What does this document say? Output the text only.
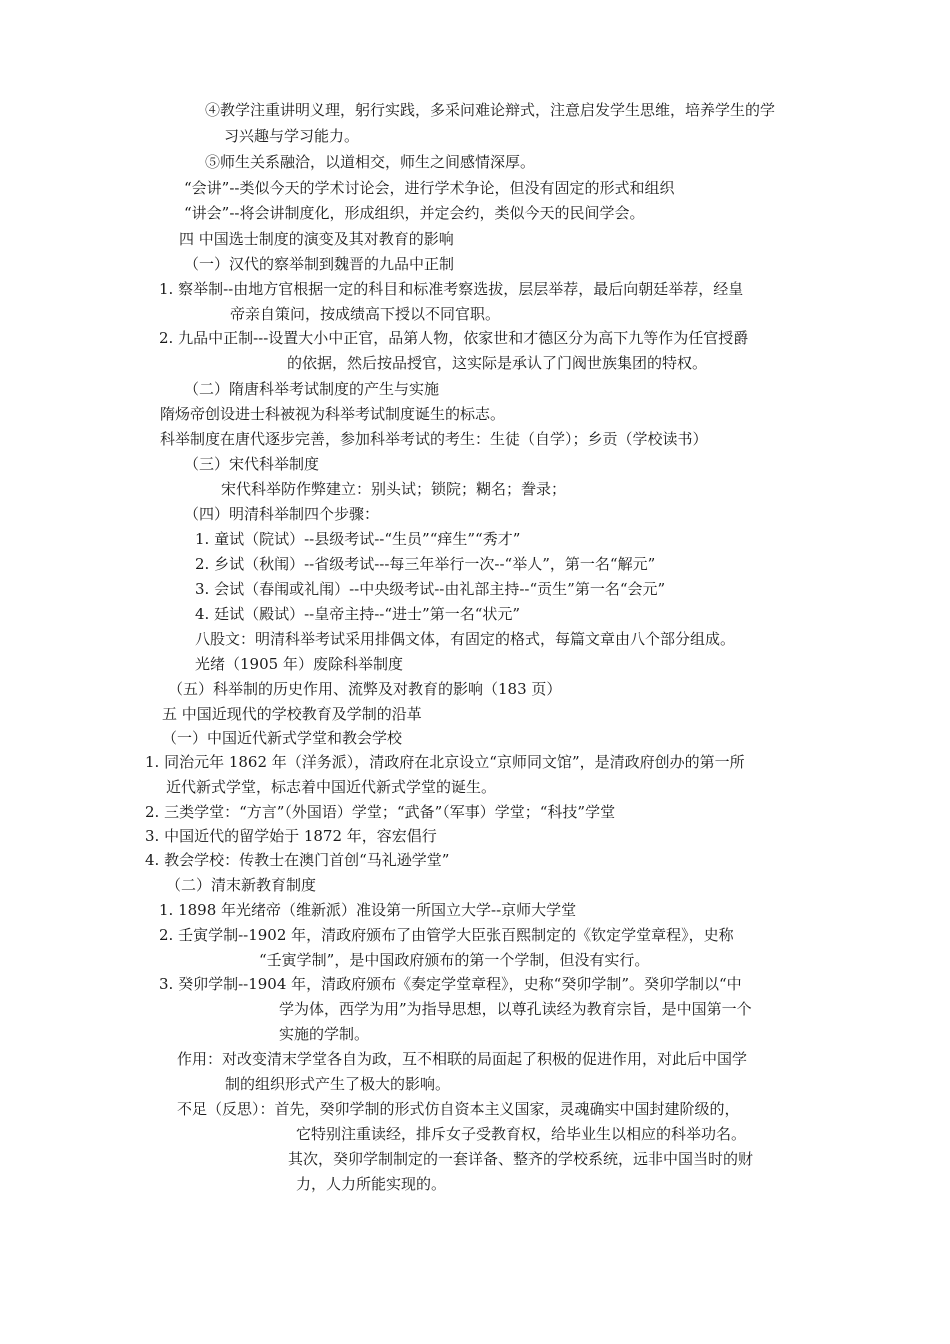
④教学注重讲明义理，躬行实践，多采问难论辩式，注意启发学生思维，培养学生的学
习兴趣与学习能力。
⑤师生关系融洽，以道相交，师生之间感情深厚。
“会讲”--类似今天的学术讨论会，进行学术争论，但没有固定的形式和组织
“讲会”--将会讲制度化，形成组织，并定会约，类似今天的民间学会。
四 中国选士制度的演变及其对教育的影响
（一）汉代的察举制到魏晋的九品中正制
1. 察举制--由地方官根据一定的科目和标准考察选拔，层层举荐，最后向朝廷举荐，经皇
帝亲自策问，按成绩高下授以不同官职。
2. 九品中正制---设置大小中正官，品第人物，依家世和才德区分为高下九等作为任官授爵
的依据，然后按品授官，这实际是承认了门阀世族集团的特权。
（二）隋唐科举考试制度的产生与实施
隋炀帝创设进士科被视为科举考试制度诞生的标志。
科举制度在唐代逐步完善，参加科举考试的考生：生徒（自学）；乡贡（学校读书）
（三）宋代科举制度
宋代科举防作弊建立：别头试；锁院；糊名；誊录；
（四）明清科举制四个步骤：
1. 童试（院试）--县级考试--“生员”“痒生”“秀才”
2. 乡试（秋闱）--省级考试---每三年举行一次--“举人”，第一名“解元”
3. 会试（春闱或礼闱）--中央级考试--由礼部主持--“贡生”第一名“会元”
4. 廷试（殿试）--皇帝主持--“进士”第一名“状元”
八股文：明清科举考试采用排偶文体，有固定的格式，每篇文章由八个部分组成。
光绪（1905 年）废除科举制度
（五）科举制的历史作用、流弊及对教育的影响（183 页）
五 中国近现代的学校教育及学制的沿革
（一）中国近代新式学堂和教会学校
1. 同治元年 1862 年（洋务派），清政府在北京设立“京师同文馆”，是清政府创办的第一所
近代新式学堂，标志着中国近代新式学堂的诞生。
2. 三类学堂：“方言”（外国语）学堂；“武备”（军事）学堂；“科技”学堂
3. 中国近代的留学始于 1872 年，容宏倡行
4. 教会学校：传教士在澳门首创“马礼逊学堂”
（二）清末新教育制度
1. 1898 年光绪帝（维新派）准设第一所国立大学--京师大学堂
2. 壬寅学制--1902 年，清政府颁布了由管学大臣张百熙制定的《钦定学堂章程》，史称
“壬寅学制”，是中国政府颁布的第一个学制，但没有实行。
3. 癸卯学制--1904 年，清政府颁布《奏定学堂章程》，史称“癸卯学制”。癸卯学制以“中
学为体，西学为用”为指导思想，以尊孔读经为教育宗旨，是中国第一个
实施的学制。
作用：对改变清末学堂各自为政，互不相联的局面起了积极的促进作用，对此后中国学
制的组织形式产生了极大的影响。
不足（反思）：首先，癸卯学制的形式仿自资本主义国家，灵魂确实中国封建阶级的，
它特别注重读经，排斥女子受教育权，给毕业生以相应的科举功名。
其次，癸卯学制制定的一套详备、整齐的学校系统，远非中国当时的财
力，人力所能实现的。
